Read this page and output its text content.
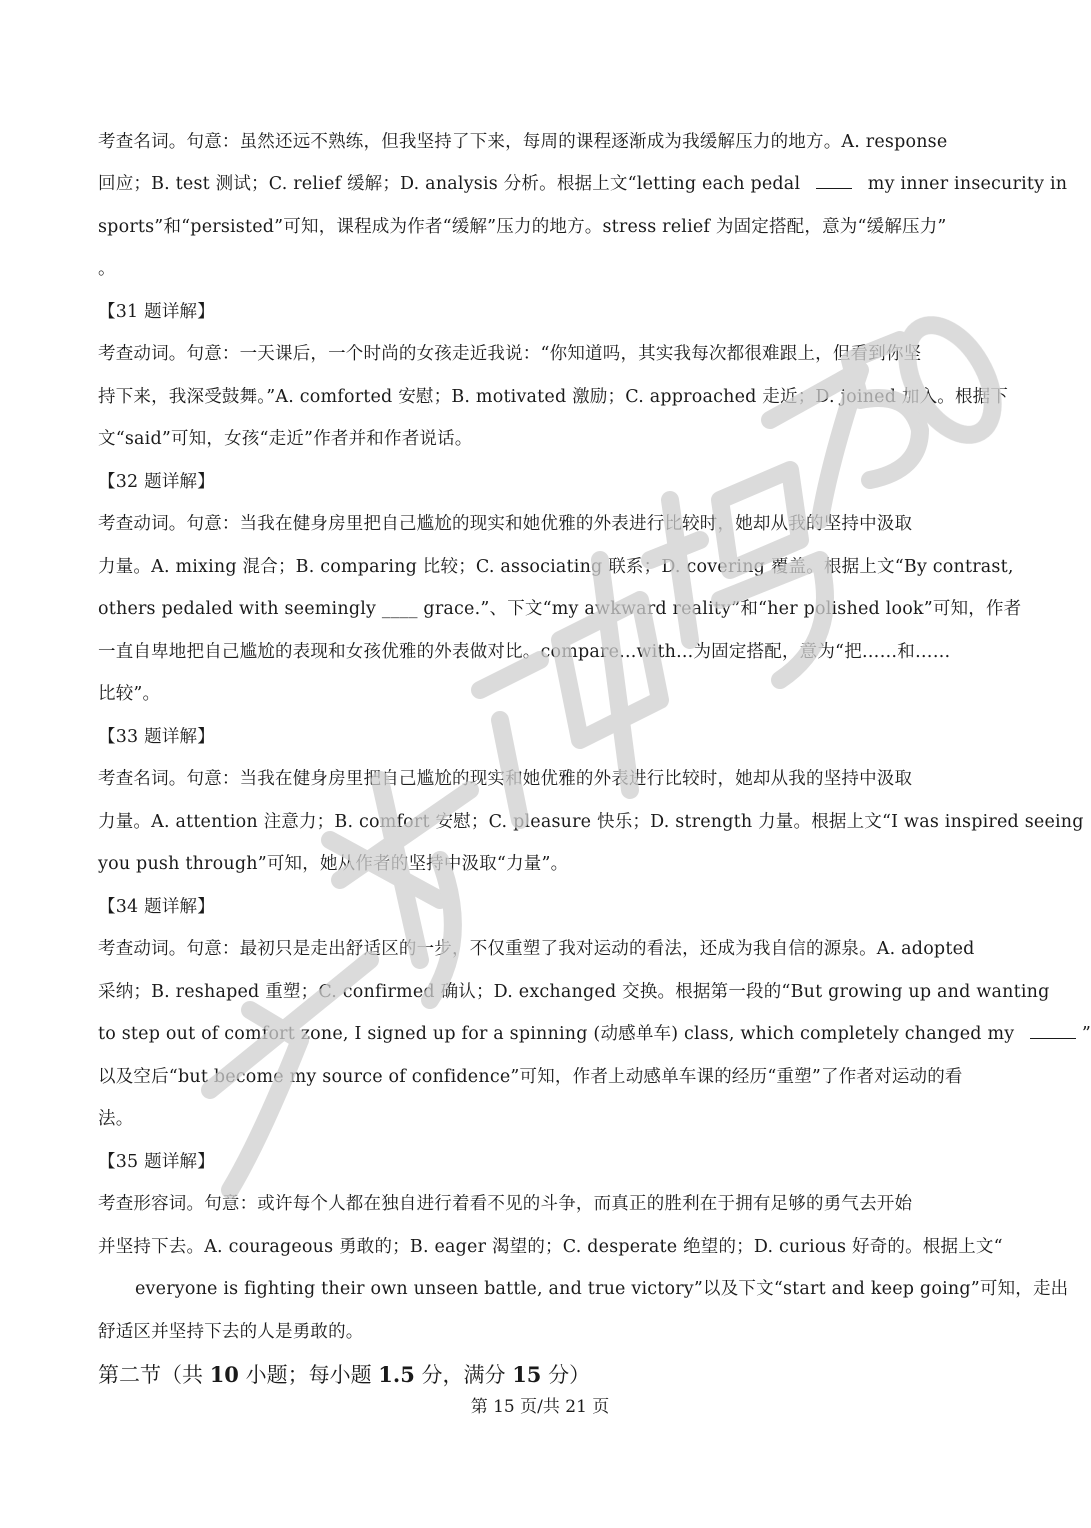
考查名词。句意：虽然还远不熟练，但我坚持了下来，每周的课程逐渐成为我缓解压力的地方。A. response
回应；B. test 测试；C. relief 缓解；D. analysis 分析。根据上文“letting each pedal	my inner insecurity in
sports”和“persisted”可知，课程成为作者“缓解”压力的地方。stress relief 为固定搭配，意为“缓解压力”
。
【31 题详解】
考查动词。句意：一天课后，一个时尚的女孩走近我说：“你知道吗，其实我每次都很难跟上，但看到你坚
持下来，我深受鼓舞。”A. comforted 安慰；B. motivated 激励；C. approached 走近；D. joined 加入。根据下
文“said”可知，女孩“走近”作者并和作者说话。
【32 题详解】
考查动词。句意：当我在健身房里把自己尴尬的现实和她优雅的外表进行比较时，她却从我的坚持中汲取
力量。A. mixing 混合；B. comparing 比较；C. associating 联系；D. covering 覆盖。根据上文“By contrast,
others pedaled with seemingly ____ grace.”、下文“my awkward reality”和“her polished look”可知，作者
一直自卑地把自己尴尬的表现和女孩优雅的外表做对比。compare...with...为固定搭配，意为“把……和……
比较”。
【33 题详解】
考查名词。句意：当我在健身房里把自己尴尬的现实和她优雅的外表进行比较时，她却从我的坚持中汲取
力量。A. attention 注意力；B. comfort 安慰；C. pleasure 快乐；D. strength 力量。根据上文“I was inspired seeing
you push through”可知，她从作者的坚持中汲取“力量”。
【34 题详解】
考查动词。句意：最初只是走出舒适区的一步，不仅重塑了我对运动的看法，还成为我自信的源泉。A. adopted
采纳；B. reshaped 重塑；C. confirmed 确认；D. exchanged 交换。根据第一段的“But growing up and wanting
to step out of comfort zone, I signed up for a spinning (动感单车) class, which completely changed my	”
以及空后“but become my source of confidence”可知，作者上动感单车课的经历“重塑”了作者对运动的看
法。
【35 题详解】
考查形容词。句意：或许每个人都在独自进行着看不见的斗争，而真正的胜利在于拥有足够的勇气去开始
并坚持下去。A. courageous 勇敢的；B. eager 渴望的；C. desperate 绝望的；D. curious 好奇的。根据上文“
everyone is fighting their own unseen battle, and true victory”以及下文“start and keep going”可知，走出
舒适区并坚持下去的人是勇敢的。
第二节（共 10 小题；每小题 1.5 分，满分 15 分）
第 15 页/共 21 页
